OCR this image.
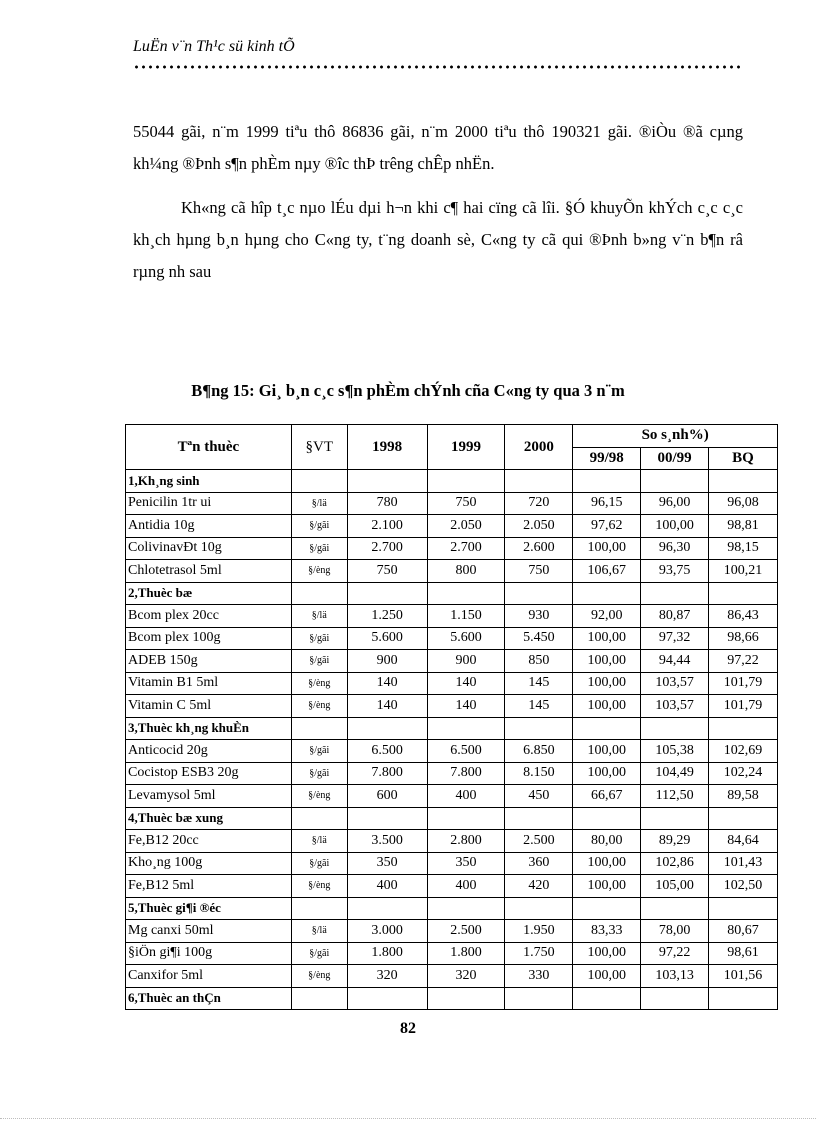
LuËn v¨n Th¹c sü kinh tÕ
55044 gãi, n¨m 1999 tiªu thô 86836 gãi, n¨m 2000 tiªu thô 190321 gãi. ®iÒu ®ã cµng kh¼ng ®Þnh s¶n phÈm nµy ®îc thÞ trêng chÊp nhËn.
Kh«ng cã hîp t¸c nµo lÉu dµi h¬n khi c¶ hai cïng cã lîi. §Ó khuyÕn khÝch c¸c c¸c kh¸ch hµng b¸n hµng cho C«ng ty, t¨ng doanh sè, C«ng ty cã qui ®Þnh b»ng v¨n b¶n râ rµng nh sau
B¶ng 15: Gi¸ b¸n c¸c s¶n phÈm chÝnh cña C«ng ty qua 3 n¨m
Tªn thuèc	§VT	1998	1999	2000	So s¸nh%)		
					99/98	00/99	BQ
1,Kh¸ng sinh							
Penicilin 1tr ui	§/lä	780	750	720	96,15	96,00	96,08
Antidia 10g	§/gãi	2.100	2.050	2.050	97,62	100,00	98,81
ColivinavÐt 10g	§/gãi	2.700	2.700	2.600	100,00	96,30	98,15
Chlotetrasol 5ml	§/èng	750	800	750	106,67	93,75	100,21
2,Thuèc bæ							
Bcom plex 20cc	§/lä	1.250	1.150	930	92,00	80,87	86,43
Bcom plex 100g	§/gãi	5.600	5.600	5.450	100,00	97,32	98,66
ADEB 150g	§/gãi	900	900	850	100,00	94,44	97,22
Vitamin B1 5ml	§/èng	140	140	145	100,00	103,57	101,79
Vitamin C 5ml	§/èng	140	140	145	100,00	103,57	101,79
3,Thuèc kh¸ng khuÈn							
Anticocid 20g	§/gãi	6.500	6.500	6.850	100,00	105,38	102,69
Cocistop ESB3 20g	§/gãi	7.800	7.800	8.150	100,00	104,49	102,24
Levamysol 5ml	§/èng	600	400	450	66,67	112,50	89,58
4,Thuèc bæ xung							
Fe,B12 20cc	§/lä	3.500	2.800	2.500	80,00	89,29	84,64
Kho¸ng 100g	§/gãi	350	350	360	100,00	102,86	101,43
Fe,B12 5ml	§/èng	400	400	420	100,00	105,00	102,50
5,Thuèc gi¶i ®éc							
Mg canxi 50ml	§/lä	3.000	2.500	1.950	83,33	78,00	80,67
§iÖn gi¶i 100g	§/gãi	1.800	1.800	1.750	100,00	97,22	98,61
Canxifor 5ml	§/èng	320	320	330	100,00	103,13	101,56
6,Thuèc an thÇn							
82
